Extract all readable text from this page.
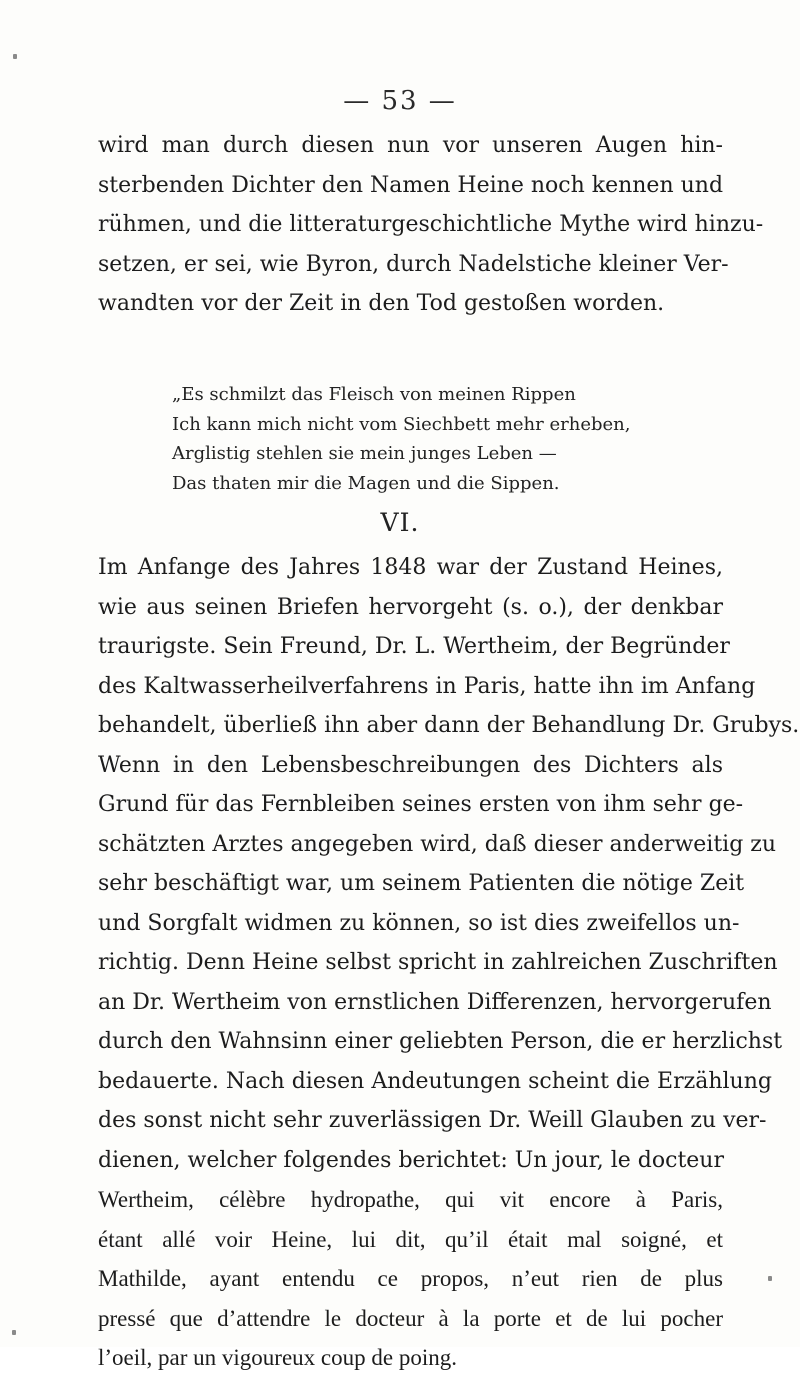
— 53 —
wird man durch diesen nun vor unseren Augen hin-
sterbenden Dichter den Namen Heine noch kennen und
rühmen, und die litteraturgeschichtliche Mythe wird hinzu-
setzen, er sei, wie Byron, durch Nadelstiche kleiner Ver-
wandten vor der Zeit in den Tod gestoßen worden.
„Es schmilzt das Fleisch von meinen Rippen
Ich kann mich nicht vom Siechbett mehr erheben,
Arglistig stehlen sie mein junges Leben —
Das thaten mir die Magen und die Sippen.
VI.
Im Anfange des Jahres 1848 war der Zustand Heines,
wie aus seinen Briefen hervorgeht (s. o.), der denkbar
traurigste. Sein Freund, Dr. L. Wertheim, der Begründer
des Kaltwasserheilverfahrens in Paris, hatte ihn im Anfang
behandelt, überließ ihn aber dann der Behandlung Dr. Grubys.
Wenn in den Lebensbeschreibungen des Dichters als
Grund für das Fernbleiben seines ersten von ihm sehr ge-
schätzten Arztes angegeben wird, daß dieser anderweitig zu
sehr beschäftigt war, um seinem Patienten die nötige Zeit
und Sorgfalt widmen zu können, so ist dies zweifellos un-
richtig. Denn Heine selbst spricht in zahlreichen Zuschriften
an Dr. Wertheim von ernstlichen Differenzen, hervorgerufen
durch den Wahnsinn einer geliebten Person, die er herzlichst
bedauerte. Nach diesen Andeutungen scheint die Erzählung
des sonst nicht sehr zuverlässigen Dr. Weill Glauben zu ver-
dienen, welcher folgendes berichtet: Un jour, le docteur
Wertheim, célèbre hydropathe, qui vit encore à Paris,
étant allé voir Heine, lui dit, qu’il était mal soigné, et
Mathilde, ayant entendu ce propos, n’eut rien de plus
pressé que d’attendre le docteur à la porte et de lui pocher
l’oeil, par un vigoureux coup de poing.
